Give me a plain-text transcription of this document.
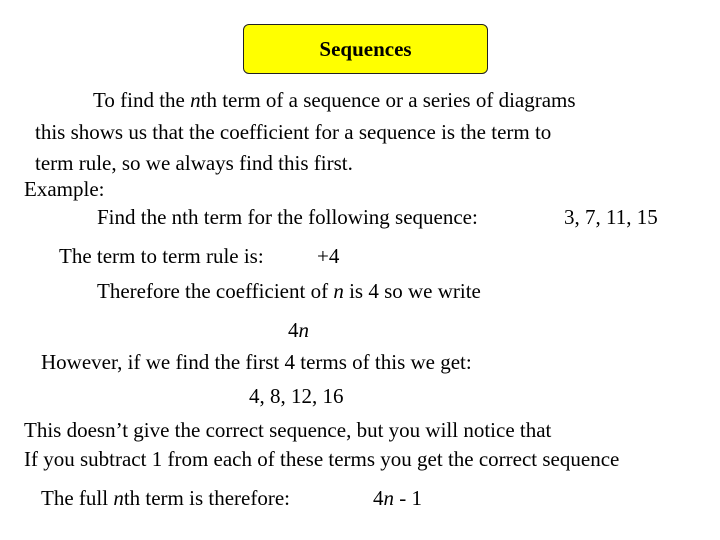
Sequences
To find the nth term of a sequence or a series of diagrams
this shows us that the coefficient for a sequence is the term to
term rule, so we always find this first.
Example:
Find the nth term for the following sequence:	3, 7, 11, 15
The term to term rule is:	+4
Therefore the coefficient of n is 4 so we write
4n
However, if we find the first 4 terms of this we get:
4, 8, 12, 16
This doesn’t give the correct sequence, but you will notice that
If you subtract 1 from each of these terms you get the correct sequence
The full nth term is therefore:	4n - 1
